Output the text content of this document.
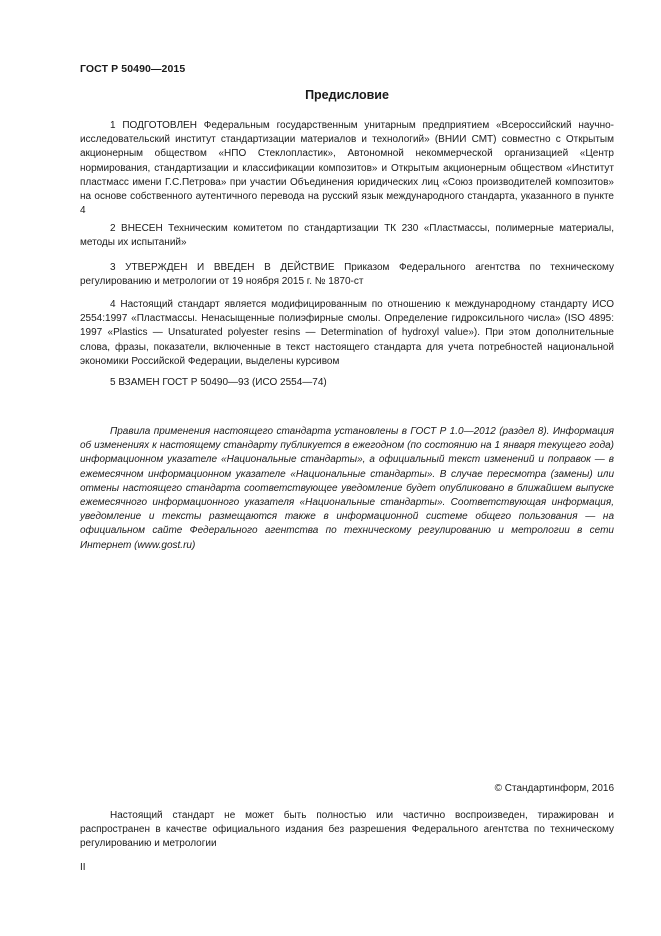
ГОСТ Р 50490—2015
Предисловие

1 ПОДГОТОВЛЕН Федеральным государственным унитарным предприятием «Всероссийский научно-исследовательский институт стандартизации материалов и технологий» (ВНИИ СМТ) совместно с Открытым акционерным обществом «НПО Стеклопластик», Автономной некоммерческой организацией «Центр нормирования, стандартизации и классификации композитов» и Открытым акционерным обществом «Институт пластмасс имени Г.С.Петрова» при участии Объединения юридических лиц «Союз производителей композитов» на основе собственного аутентичного перевода на русский язык международного стандарта, указанного в пункте 4

2 ВНЕСЕН Техническим комитетом по стандартизации ТК 230 «Пластмассы, полимерные материалы, методы их испытаний»

3 УТВЕРЖДЕН И ВВЕДЕН В ДЕЙСТВИЕ Приказом Федерального агентства по техническому регулированию и метрологии от 19 ноября 2015 г. № 1870-ст

4 Настоящий стандарт является модифицированным по отношению к международному стандарту ИСО 2554:1997 «Пластмассы. Ненасыщенные полиэфирные смолы. Определение гидроксильного числа» (ISO 4895: 1997 «Plastics — Unsaturated polyester resins — Determination of hydroxyl value»). При этом дополнительные слова, фразы, показатели, включенные в текст настоящего стандарта для учета потребностей национальной экономики Российской Федерации, выделены курсивом

5 ВЗАМЕН ГОСТ Р 50490—93 (ИСО 2554—74)

Правила применения настоящего стандарта установлены в ГОСТ Р 1.0—2012 (раздел 8). Информация об изменениях к настоящему стандарту публикуется в ежегодном (по состоянию на 1 января текущего года) информационном указателе «Национальные стандарты», а официальный текст изменений и поправок — в ежемесячном информационном указателе «Национальные стандарты». В случае пересмотра (замены) или отмены настоящего стандарта соответствующее уведомление будет опубликовано в ближайшем выпуске ежемесячного информационного указателя «Национальные стандарты». Соответствующая информация, уведомление и тексты размещаются также в информационной системе общего пользования — на официальном сайте Федерального агентства по техническому регулированию и метрологии в сети Интернет (www.gost.ru)

© Стандартинформ, 2016

Настоящий стандарт не может быть полностью или частично воспроизведен, тиражирован и распространен в качестве официального издания без разрешения Федерального агентства по техническому регулированию и метрологии

II
